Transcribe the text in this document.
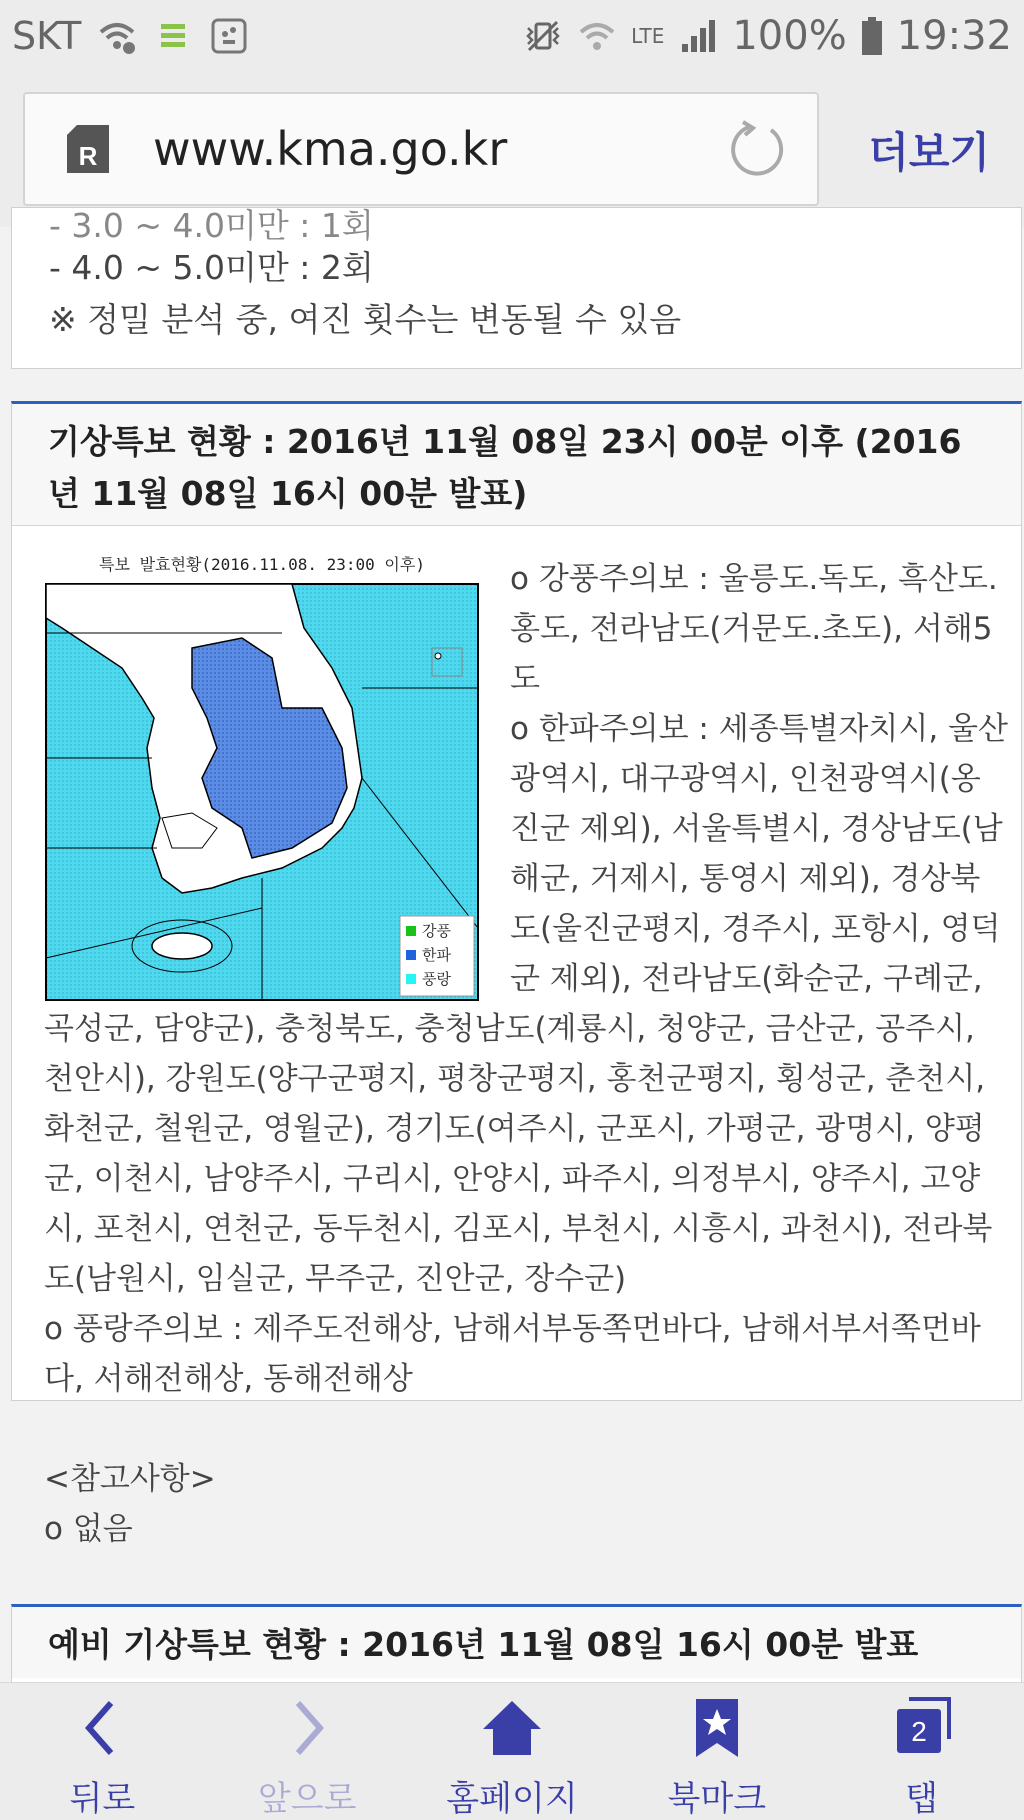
SKT	LTE 100% 19:32
R www.kma.go.kr	더보기
- 3.0 ~ 4.0미만 : 1회
- 4.0 ~ 5.0미만 : 2회
※ 정밀 분석 중, 여진 횟수는 변동될 수 있음
기상특보 현황 : 2016년 11월 08일 23시 00분 이후 (2016년 11월 08일 16시 00분 발표)
특보 발효현황(2016.11.08. 23:00 이후)
강풍
한파
풍랑
o 강풍주의보 : 울릉도.독도, 흑산도.홍도, 전라남도(거문도.초도), 서해5도
o 한파주의보 : 세종특별자치시, 울산광역시, 대구광역시, 인천광역시(옹진군 제외), 서울특별시, 경상남도(남해군, 거제시, 통영시 제외), 경상북도(울진군평지, 경주시, 포항시, 영덕군 제외), 전라남도(화순군, 구례군,
곡성군, 담양군), 충청북도, 충청남도(계룡시, 청양군, 금산군, 공주시, 천안시), 강원도(양구군평지, 평창군평지, 홍천군평지, 횡성군, 춘천시, 화천군, 철원군, 영월군), 경기도(여주시, 군포시, 가평군, 광명시, 양평군, 이천시, 남양주시, 구리시, 안양시, 파주시, 의정부시, 양주시, 고양시, 포천시, 연천군, 동두천시, 김포시, 부천시, 시흥시, 과천시), 전라북도(남원시, 임실군, 무주군, 진안군, 장수군)
o 풍랑주의보 : 제주도전해상, 남해서부동쪽먼바다, 남해서부서쪽먼바다, 서해전해상, 동해전해상

<참고사항>
o 없음
예비 기상특보 현황 : 2016년 11월 08일 16시 00분 발표
뒤로	앞으로	홈페이지	북마크
2
탭
